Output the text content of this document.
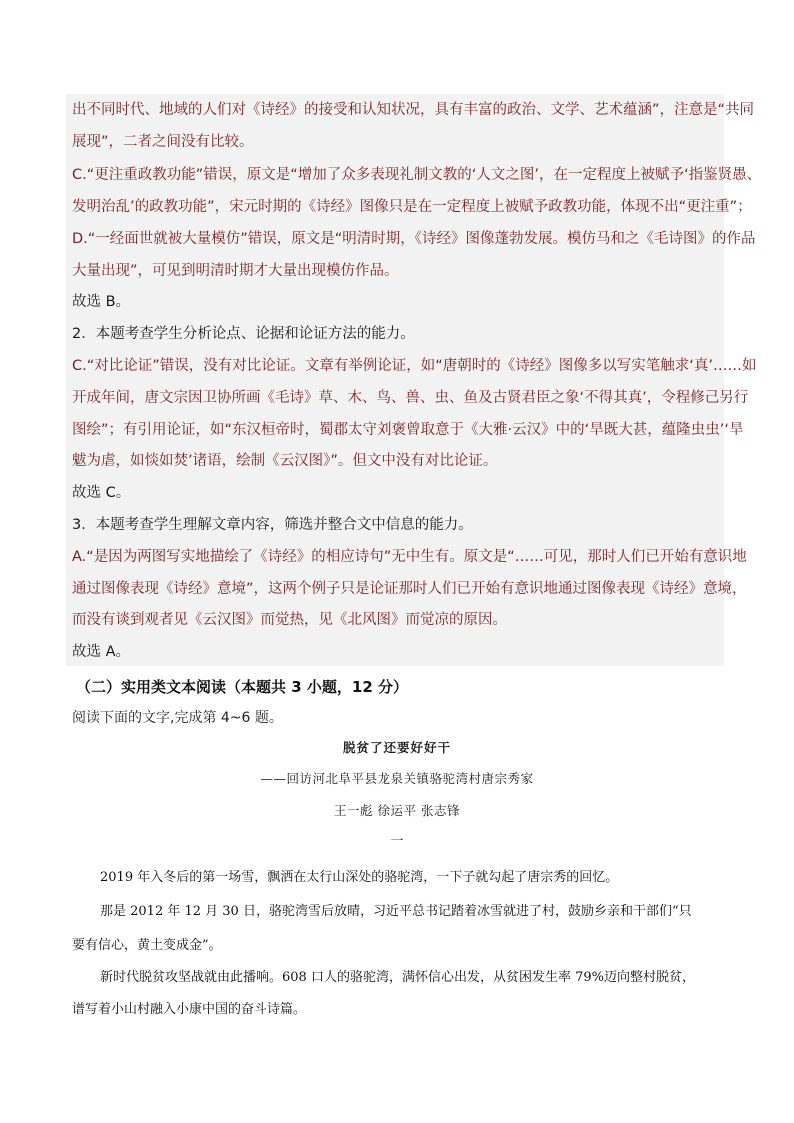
出不同时代、地域的人们对《诗经》的接受和认知状况，具有丰富的政治、文学、艺术蕴涵”，注意是“共同
展现”，二者之间没有比较。
C.“更注重政教功能”错误，原文是“增加了众多表现礼制文教的‘人文之图’，在一定程度上被赋予‘指鉴贤愚、
发明治乱’的政教功能”，宋元时期的《诗经》图像只是在一定程度上被赋予政教功能，体现不出“更注重”；
D.“一经面世就被大量模仿”错误，原文是“明清时期，《诗经》图像蓬勃发展。模仿马和之《毛诗图》的作品
大量出现”，可见到明清时期才大量出现模仿作品。
故选 B。
2．本题考查学生分析论点、论据和论证方法的能力。
C.“对比论证”错误，没有对比论证。文章有举例论证，如“唐朝时的《诗经》图像多以写实笔触求‘真’……如
开成年间，唐文宗因卫协所画《毛诗》草、木、鸟、兽、虫、鱼及古贤君臣之象‘不得其真’，令程修己另行
图绘”；有引用论证，如“东汉桓帝时，蜀郡太守刘褒曾取意于《大雅·云汉》中的‘旱既大甚，蕴隆虫虫’‘旱
魃为虐，如惔如焚’诸语，绘制《云汉图》”。但文中没有对比论证。
故选 C。
3．本题考查学生理解文章内容，筛选并整合文中信息的能力。
A.“是因为两图写实地描绘了《诗经》的相应诗句”无中生有。原文是“……可见，那时人们已开始有意识地
通过图像表现《诗经》意境”，这两个例子只是论证那时人们已开始有意识地通过图像表现《诗经》意境，
而没有谈到观者见《云汉图》而觉热，见《北风图》而觉凉的原因。
故选 A。
（二）实用类文本阅读（本题共 3 小题，12 分）
阅读下面的文字,完成第 4~6 题。
脱贫了还要好好干
——回访河北阜平县龙泉关镇骆驼湾村唐宗秀家
王一彪 徐运平 张志锋
一
2019 年入冬后的第一场雪，飘洒在太行山深处的骆驼湾，一下子就勾起了唐宗秀的回忆。
那是 2012 年 12 月 30 日，骆驼湾雪后放晴，习近平总书记踏着冰雪就进了村，鼓励乡亲和干部们“只
要有信心，黄土变成金”。
新时代脱贫攻坚战就由此播响。608 口人的骆驼湾，满怀信心出发，从贫困发生率 79%迈向整村脱贫，
谱写着小山村融入小康中国的奋斗诗篇。
